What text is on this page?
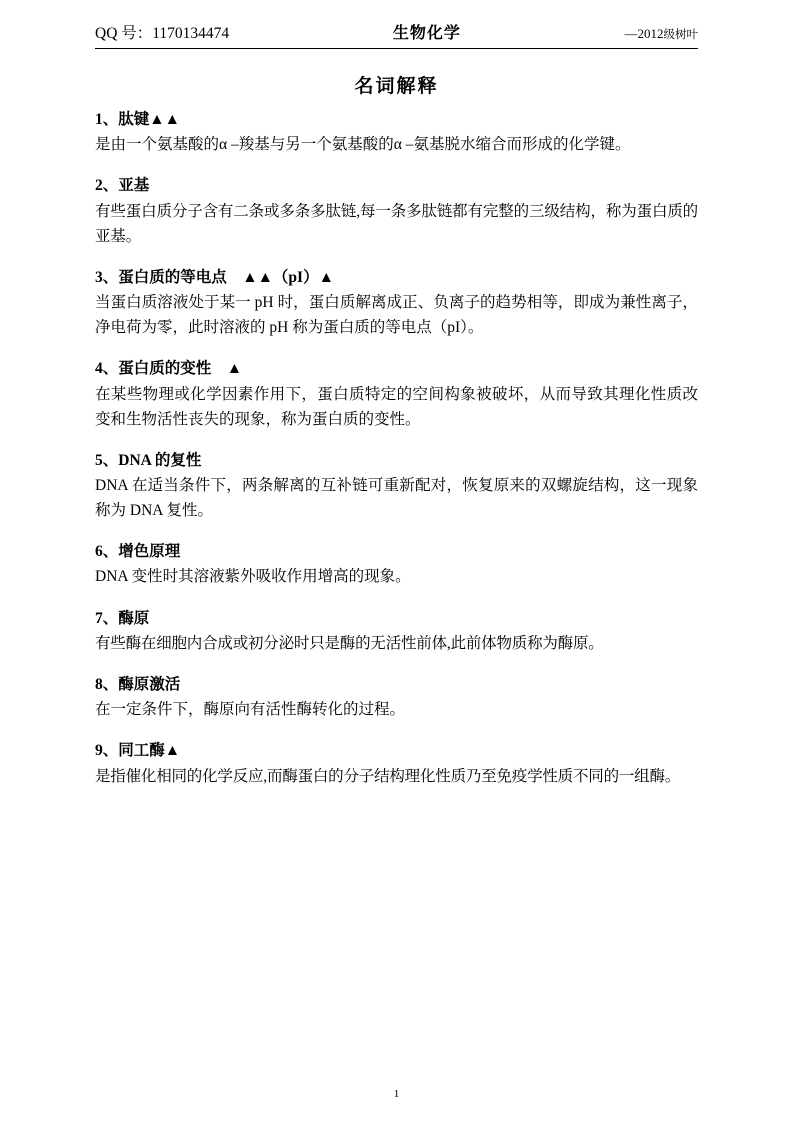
QQ 号：1170134474	生物化学	—2012级树叶
名词解释
1、肽键▲▲
是由一个氨基酸的α –羧基与另一个氨基酸的α –氨基脱水缩合而形成的化学键。
2、亚基
有些蛋白质分子含有二条或多条多肽链,每一条多肽链都有完整的三级结构，称为蛋白质的亚基。
3、蛋白质的等电点　▲▲（pI）▲
当蛋白质溶液处于某一 pH 时，蛋白质解离成正、负离子的趋势相等，即成为兼性离子，净电荷为零，此时溶液的 pH 称为蛋白质的等电点（pI）。
4、蛋白质的变性　▲
在某些物理或化学因素作用下，蛋白质特定的空间构象被破坏，从而导致其理化性质改变和生物活性丧失的现象，称为蛋白质的变性。
5、DNA 的复性
DNA 在适当条件下，两条解离的互补链可重新配对，恢复原来的双螺旋结构，这一现象称为 DNA 复性。
6、增色原理
DNA 变性时其溶液紫外吸收作用增高的现象。
7、酶原
有些酶在细胞内合成或初分泌时只是酶的无活性前体,此前体物质称为酶原。
8、酶原激活
在一定条件下，酶原向有活性酶转化的过程。
9、同工酶▲
是指催化相同的化学反应,而酶蛋白的分子结构理化性质乃至免疫学性质不同的一组酶。
1
